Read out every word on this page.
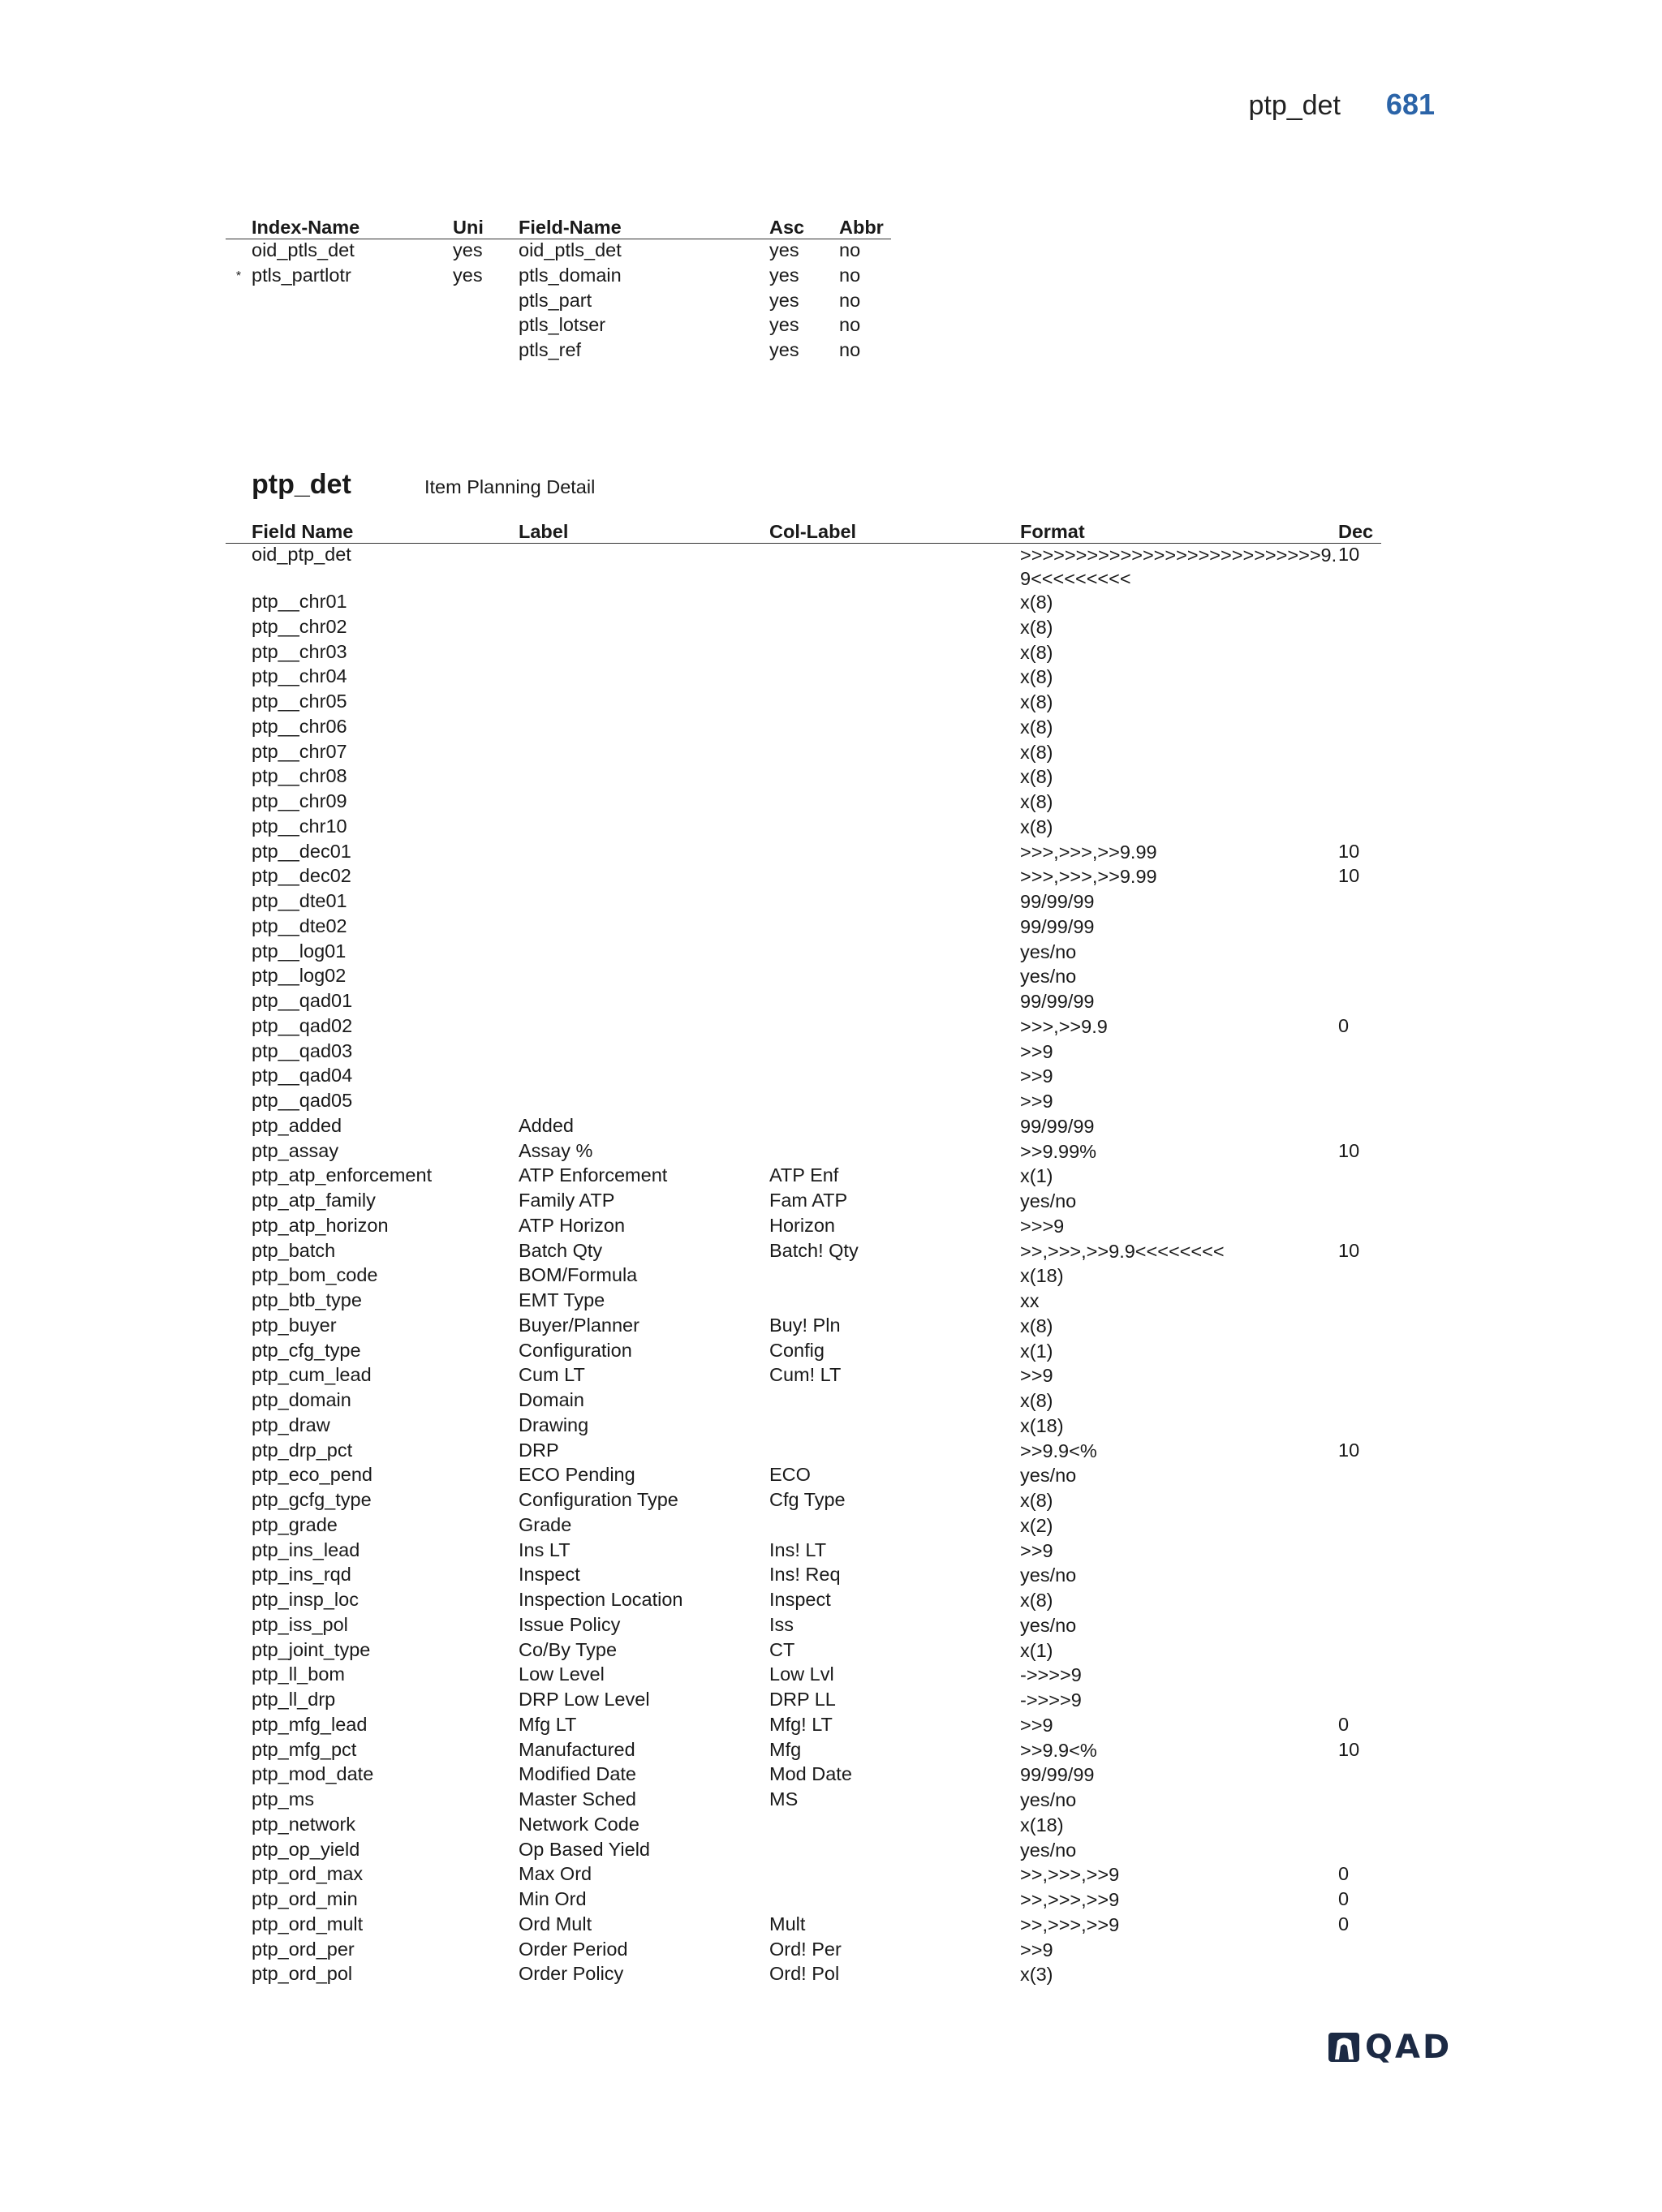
ptp_det 681
	Index-Name	Uni	Field-Name	Asc	Abbr	
	oid_ptls_det	yes	oid_ptls_det	yes	no	
*	ptls_partlotr	yes	ptls_domain	yes	no	
			ptls_part	yes	no	
			ptls_lotser	yes	no	
			ptls_ref	yes	no	
ptp_det	Item Planning Detail
	Field Name	Label	Col-Label	Format	Dec
	oid_ptp_det			>>>>>>>>>>>>>>>>>>>>>>>>>>>9.9<<<<<<<<<	10
	ptp__chr01			x(8)	
	ptp__chr02			x(8)	
	ptp__chr03			x(8)	
	ptp__chr04			x(8)	
	ptp__chr05			x(8)	
	ptp__chr06			x(8)	
	ptp__chr07			x(8)	
	ptp__chr08			x(8)	
	ptp__chr09			x(8)	
	ptp__chr10			x(8)	
	ptp__dec01			>>>,>>>,>>9.99	10
	ptp__dec02			>>>,>>>,>>9.99	10
	ptp__dte01			99/99/99	
	ptp__dte02			99/99/99	
	ptp__log01			yes/no	
	ptp__log02			yes/no	
	ptp__qad01			99/99/99	
	ptp__qad02			>>>,>>9.9	0
	ptp__qad03			>>9	
	ptp__qad04			>>9	
	ptp__qad05			>>9	
	ptp_added	Added		99/99/99	
	ptp_assay	Assay %		>>9.99%	10
	ptp_atp_enforcement	ATP Enforcement	ATP Enf	x(1)	
	ptp_atp_family	Family ATP	Fam ATP	yes/no	
	ptp_atp_horizon	ATP Horizon	Horizon	>>>9	
	ptp_batch	Batch Qty	Batch! Qty	>>,>>>,>>9.9<<<<<<<<	10
	ptp_bom_code	BOM/Formula		x(18)	
	ptp_btb_type	EMT Type		xx	
	ptp_buyer	Buyer/Planner	Buy! Pln	x(8)	
	ptp_cfg_type	Configuration	Config	x(1)	
	ptp_cum_lead	Cum LT	Cum! LT	>>9	
	ptp_domain	Domain		x(8)	
	ptp_draw	Drawing		x(18)	
	ptp_drp_pct	DRP		>>9.9<%	10
	ptp_eco_pend	ECO Pending	ECO	yes/no	
	ptp_gcfg_type	Configuration Type	Cfg Type	x(8)	
	ptp_grade	Grade		x(2)	
	ptp_ins_lead	Ins LT	Ins! LT	>>9	
	ptp_ins_rqd	Inspect	Ins! Req	yes/no	
	ptp_insp_loc	Inspection Location	Inspect	x(8)	
	ptp_iss_pol	Issue Policy	Iss	yes/no	
	ptp_joint_type	Co/By Type	CT	x(1)	
	ptp_ll_bom	Low Level	Low Lvl	->>>>9	
	ptp_ll_drp	DRP Low Level	DRP LL	->>>>9	
	ptp_mfg_lead	Mfg LT	Mfg! LT	>>9	0
	ptp_mfg_pct	Manufactured	Mfg	>>9.9<%	10
	ptp_mod_date	Modified Date	Mod Date	99/99/99	
	ptp_ms	Master Sched	MS	yes/no	
	ptp_network	Network Code		x(18)	
	ptp_op_yield	Op Based Yield		yes/no	
	ptp_ord_max	Max Ord		>>,>>>,>>9	0
	ptp_ord_min	Min Ord		>>,>>>,>>9	0
	ptp_ord_mult	Ord Mult	Mult	>>,>>>,>>9	0
	ptp_ord_per	Order Period	Ord! Per	>>9	
	ptp_ord_pol	Order Policy	Ord! Pol	x(3)	
QAD
